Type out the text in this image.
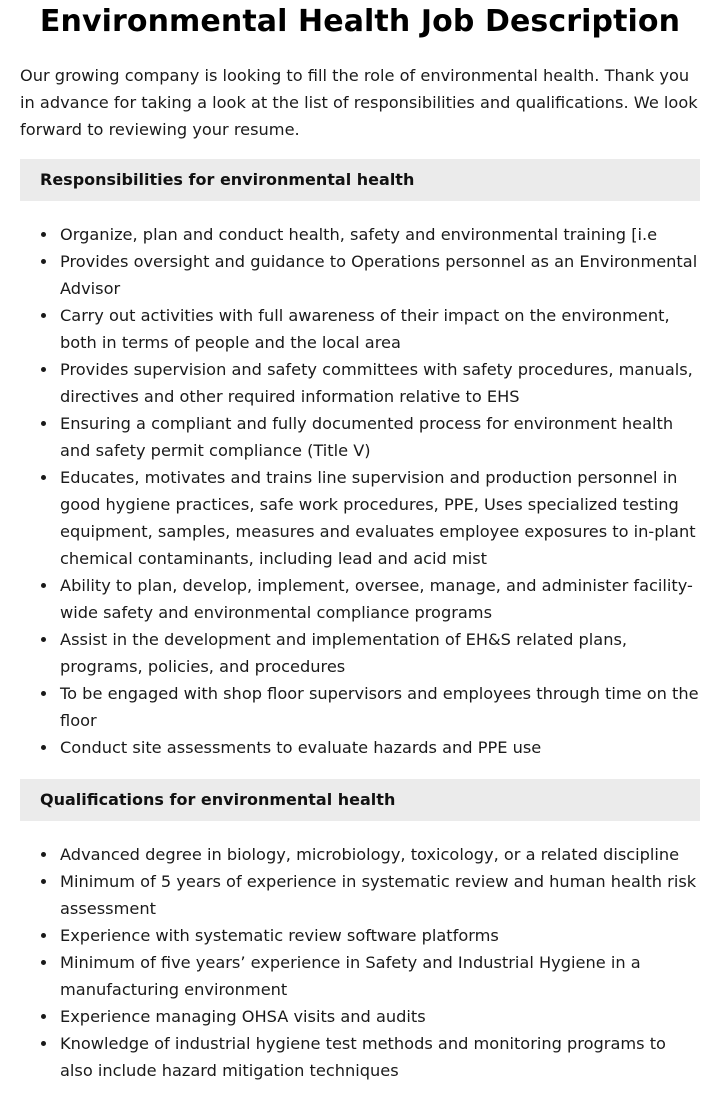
Environmental Health Job Description

Our growing company is looking to fill the role of environmental health. Thank you in advance for taking a look at the list of responsibilities and qualifications. We look forward to reviewing your resume.

Responsibilities for environmental health
Organize, plan and conduct health, safety and environmental training [i.e
Provides oversight and guidance to Operations personnel as an Environmental Advisor
Carry out activities with full awareness of their impact on the environment, both in terms of people and the local area
Provides supervision and safety committees with safety procedures, manuals, directives and other required information relative to EHS
Ensuring a compliant and fully documented process for environment health and safety permit compliance (Title V)
Educates, motivates and trains line supervision and production personnel in good hygiene practices, safe work procedures, PPE, Uses specialized testing equipment, samples, measures and evaluates employee exposures to in-plant chemical contaminants, including lead and acid mist
Ability to plan, develop, implement, oversee, manage, and administer facility-wide safety and environmental compliance programs
Assist in the development and implementation of EH&S related plans, programs, policies, and procedures
To be engaged with shop floor supervisors and employees through time on the floor
Conduct site assessments to evaluate hazards and PPE use
Qualifications for environmental health
Advanced degree in biology, microbiology, toxicology, or a related discipline
Minimum of 5 years of experience in systematic review and human health risk assessment
Experience with systematic review software platforms
Minimum of five years’ experience in Safety and Industrial Hygiene in a manufacturing environment
Experience managing OHSA visits and audits
Knowledge of industrial hygiene test methods and monitoring programs to also include hazard mitigation techniques
